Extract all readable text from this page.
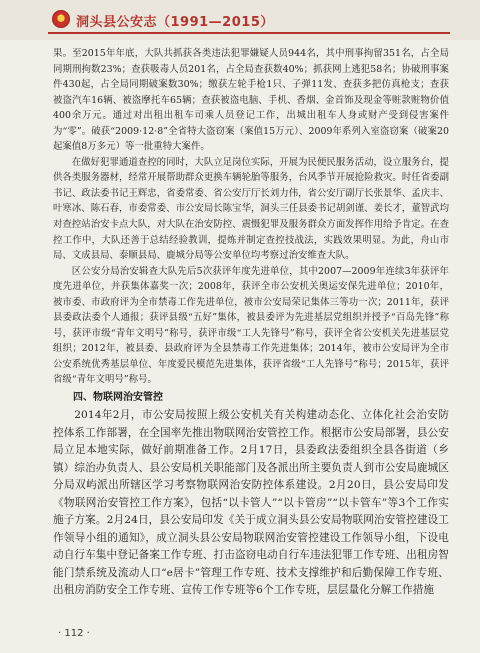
洞头县公安志（1991—2015）

果。至2015年年底，大队共抓获各类违法犯罪嫌疑人员944名，其中刑事拘留351名，占全局同期刑拘数23%；查获吸毒人员201名，占全局查获数40%；抓获网上逃犯58名；协破刑事案件430起，占全局同期破案数30%；缴获左轮手枪1只、子弹11发、查获多把仿真枪支；查获被盗汽车16辆、被盗摩托车65辆；查获被盗电脑、手机、香烟、金首饰及现金等赃款赃物价值400余万元。通过对出租出租车司乘人员登记工作，出城出租车人身或财产受到侵害案件为“零”。破获“2009·12·8”全省特大盗窃案（案值15万元）、2009年系列入室盗窃案（破案20起案值8万多元）等一批重特大案件。

在做好犯罪通道查控的同时，大队立足岗位实际，开展为民便民服务活动，设立服务台，提供各类服务器材，经常开展帮助群众更换车辆轮胎等服务，台风季节开展抢险救灾。时任省委副书记、政法委书记王辉忠，省委常委、省公安厅厅长刘力伟，省公安厅副厅长张景华、孟庆丰、叶寒冰、陈石春，市委常委、市公安局长陈宝华，洞头三任县委书记胡剑谨、姜长才，董智武均对查控站治安卡点大队，对大队在治安防控、震慑犯罪及服务群众方面发挥作用给予肯定。在查控工作中，大队还善于总结经验教训，提炼并制定查控技战法，实践效果明显。为此，舟山市局、文成县局、泰顺县局、鹿城分局等公安单位均考察过治安维查大队。

区公安分局治安辑查大队先后5次获评年度先进单位，其中2007—2009年连续3年获评年度先进单位，并获集体嘉奖一次；2008年，获评全市公安机关奥运安保先进单位；2010年，被市委、市政府评为全市禁毒工作先进单位，被市公安局荣记集体三等功一次；2011年，获评县委政法委个人通报；获评县级“五好”集体，被县委评为先进基层党组织并授予“百岛先锋”称号，获评市级“青年文明号”称号，获评市级“工人先锋号”称号，获评全省公安机关先进基层党组织；2012年，被县委、县政府评为全县禁毒工作先进集体；2014年，被市公安局评为全市公安系统优秀基层单位、年度爱民模范先进集体，获评省级“工人先锋号”称号；2015年，获评省级“青年文明号”称号。

四、物联网治安管控

2014年2月，市公安局按照上级公安机关有关构建动态化、立体化社会治安防控体系工作部署，在全国率先推出物联网治安管控工作。根据市公安局部署，县公安局立足本地实际，做好前期准备工作。2月17日，县委政法委组织全县各街道（乡镇）综治办负责人、县公安局机关职能部门及各派出所主要负责人到市公安局鹿城区分局双屿派出所辖区学习考察物联网治安防控体系建设。2月20日，县公安局印发《物联网治安管控工作方案》，包括“以卡管人”“以卡管房”“以卡管车”等3个工作实施子方案。2月24日，县公安局印发《关于成立洞头县公安局物联网治安管控建设工作领导小组的通知》，成立洞头县公安局物联网治安管控建设工作领导小组，下设电动自行车集中登记备案工作专班、打击盗窃电动自行车违法犯罪工作专班、出租房智能门禁系统及流动人口“e居卡”管理工作专班、技术支撑维护和后勤保障工作专班、出租房消防安全工作专班、宣传工作专班等6个工作专班，层层量化分解工作措施

· 112 ·
